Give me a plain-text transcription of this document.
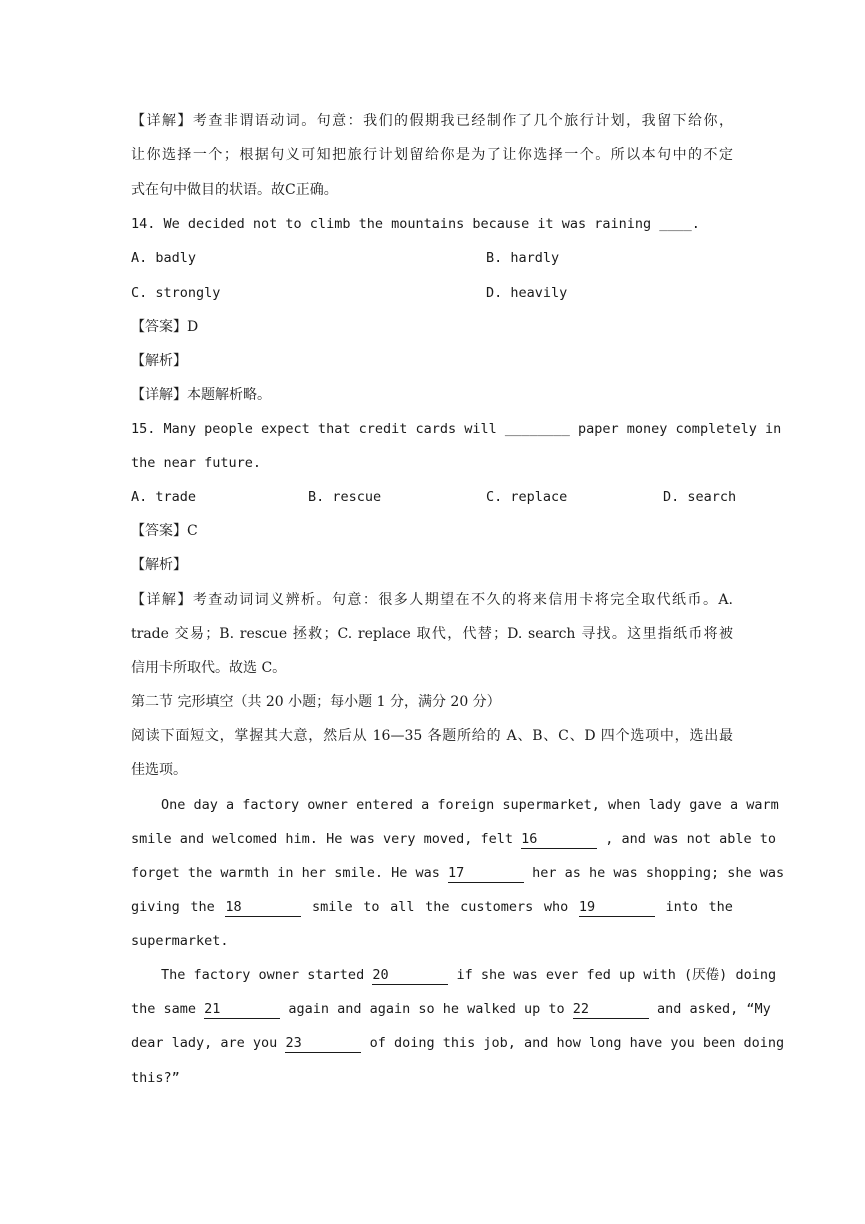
【详解】考查非谓语动词。句意：我们的假期我已经制作了几个旅行计划，我留下给你，
让你选择一个；根据句义可知把旅行计划留给你是为了让你选择一个。所以本句中的不定
式在句中做目的状语。故C正确。
14. We decided not to climb the mountains because it was raining ____.
A. badly	B. hardly
C. strongly	D. heavily
【答案】D
【解析】
【详解】本题解析略。
15. Many people expect that credit cards will ________ paper money completely in
the near future.
A. trade	B. rescue	C. replace	D. search
【答案】C
【解析】
【详解】考查动词词义辨析。句意：很多人期望在不久的将来信用卡将完全取代纸币。A.
trade 交易；B. rescue 拯救；C. replace 取代，代替；D. search 寻找。这里指纸币将被
信用卡所取代。故选 C。
第二节 完形填空（共 20 小题；每小题 1 分，满分 20 分）
阅读下面短文，掌握其大意，然后从 16—35 各题所给的 A、B、C、D 四个选项中，选出最
佳选项。
One day a factory owner entered a foreign supermarket, when lady gave a warm
smile and welcomed him. He was very moved, felt 16	, and was not able to
forget the warmth in her smile. He was 17	her as he was shopping; she was
giving the 18	smile to all the customers who 19	into the
supermarket.
The factory owner started 20	if she was ever fed up with (厌倦) doing
the same 21	again and again so he walked up to 22	and asked, “My
dear lady, are you 23	of doing this job, and how long have you been doing
this?”
